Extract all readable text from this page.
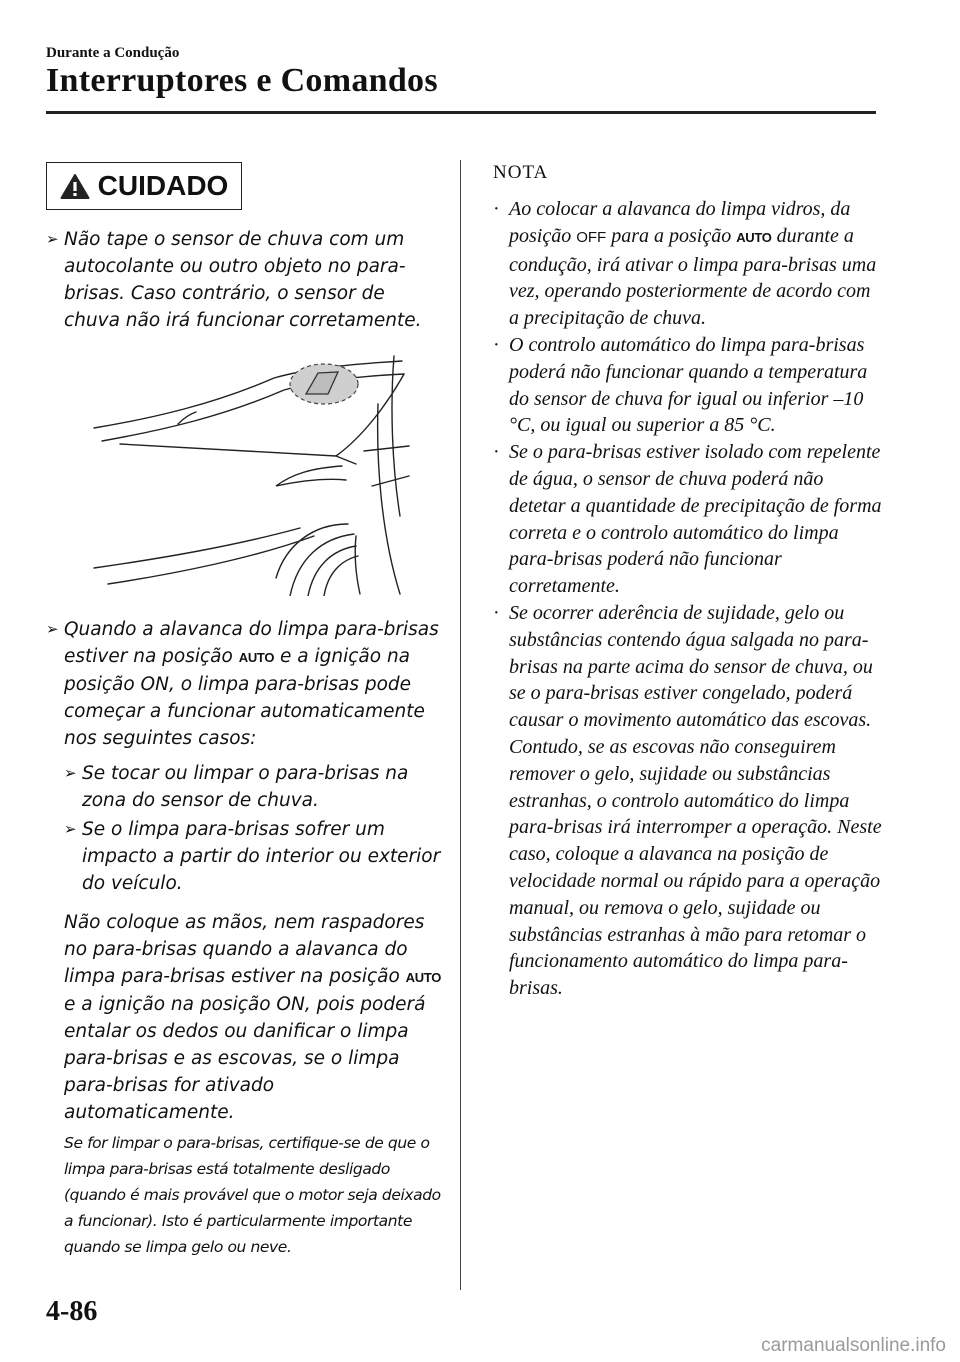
Durante a Condução
Interruptores e Comandos
CUIDADO
➢ Não tape o sensor de chuva com um autocolante ou outro objeto no para-brisas. Caso contrário, o sensor de chuva não irá funcionar corretamente.
➢ Quando a alavanca do limpa para-brisas estiver na posição AUTO e a ignição na posição ON, o limpa para-brisas pode começar a funcionar automaticamente nos seguintes casos:
➢ Se tocar ou limpar o para-brisas na zona do sensor de chuva.
➢ Se o limpa para-brisas sofrer um impacto a partir do interior ou exterior do veículo.
Não coloque as mãos, nem raspadores no para-brisas quando a alavanca do limpa para-brisas estiver na posição AUTO e a ignição na posição ON, pois poderá entalar os dedos ou danificar o limpa para-brisas e as escovas, se o limpa para-brisas for ativado automaticamente.
Se for limpar o para-brisas, certifique-se de que o limpa para-brisas está totalmente desligado (quando é mais provável que o motor seja deixado a funcionar). Isto é particularmente importante quando se limpa gelo ou neve.
NOTA
· Ao colocar a alavanca do limpa vidros, da posição OFF para a posição AUTO durante a condução, irá ativar o limpa para-brisas uma vez, operando posteriormente de acordo com a precipitação de chuva.
· O controlo automático do limpa para-brisas poderá não funcionar quando a temperatura do sensor de chuva for igual ou inferior –10 °C, ou igual ou superior a 85 °C.
· Se o para-brisas estiver isolado com repelente de água, o sensor de chuva poderá não detetar a quantidade de precipitação de forma correta e o controlo automático do limpa para-brisas poderá não funcionar corretamente.
· Se ocorrer aderência de sujidade, gelo ou substâncias contendo água salgada no para-brisas na parte acima do sensor de chuva, ou se o para-brisas estiver congelado, poderá causar o movimento automático das escovas. Contudo, se as escovas não conseguirem remover o gelo, sujidade ou substâncias estranhas, o controlo automático do limpa para-brisas irá interromper a operação. Neste caso, coloque a alavanca na posição de velocidade normal ou rápido para a operação manual, ou remova o gelo, sujidade ou substâncias estranhas à mão para retomar o funcionamento automático do limpa para-brisas.
4-86
carmanualsonline.info
